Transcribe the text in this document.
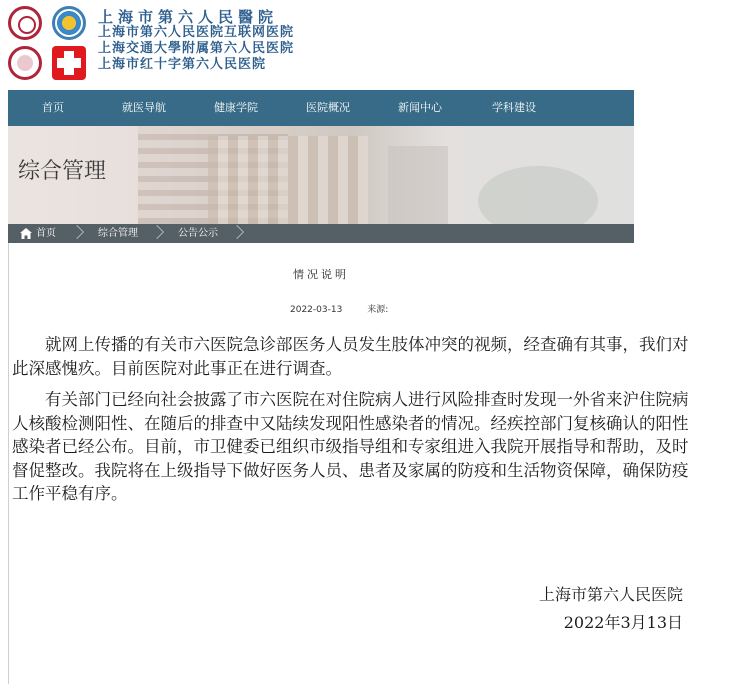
上海市第六人民醫院
上海市第六人民医院互联网医院
上海交通大學附属第六人民医院
上海市红十字第六人民医院
首页	就医导航	健康学院	医院概况	新闻中心	学科建设
综合管理
首页	综合管理	公告公示
情况说明
2022-03-13	来源:
就网上传播的有关市六医院急诊部医务人员发生肢体冲突的视频，经查确有其事，我们对此深感愧疚。目前医院对此事正在进行调查。
有关部门已经向社会披露了市六医院在对住院病人进行风险排查时发现一外省来沪住院病人核酸检测阳性、在随后的排查中又陆续发现阳性感染者的情况。经疾控部门复核确认的阳性感染者已经公布。目前，市卫健委已组织市级指导组和专家组进入我院开展指导和帮助，及时督促整改。我院将在上级指导下做好医务人员、患者及家属的防疫和生活物资保障，确保防疫工作平稳有序。
上海市第六人民医院
2022年3月13日
